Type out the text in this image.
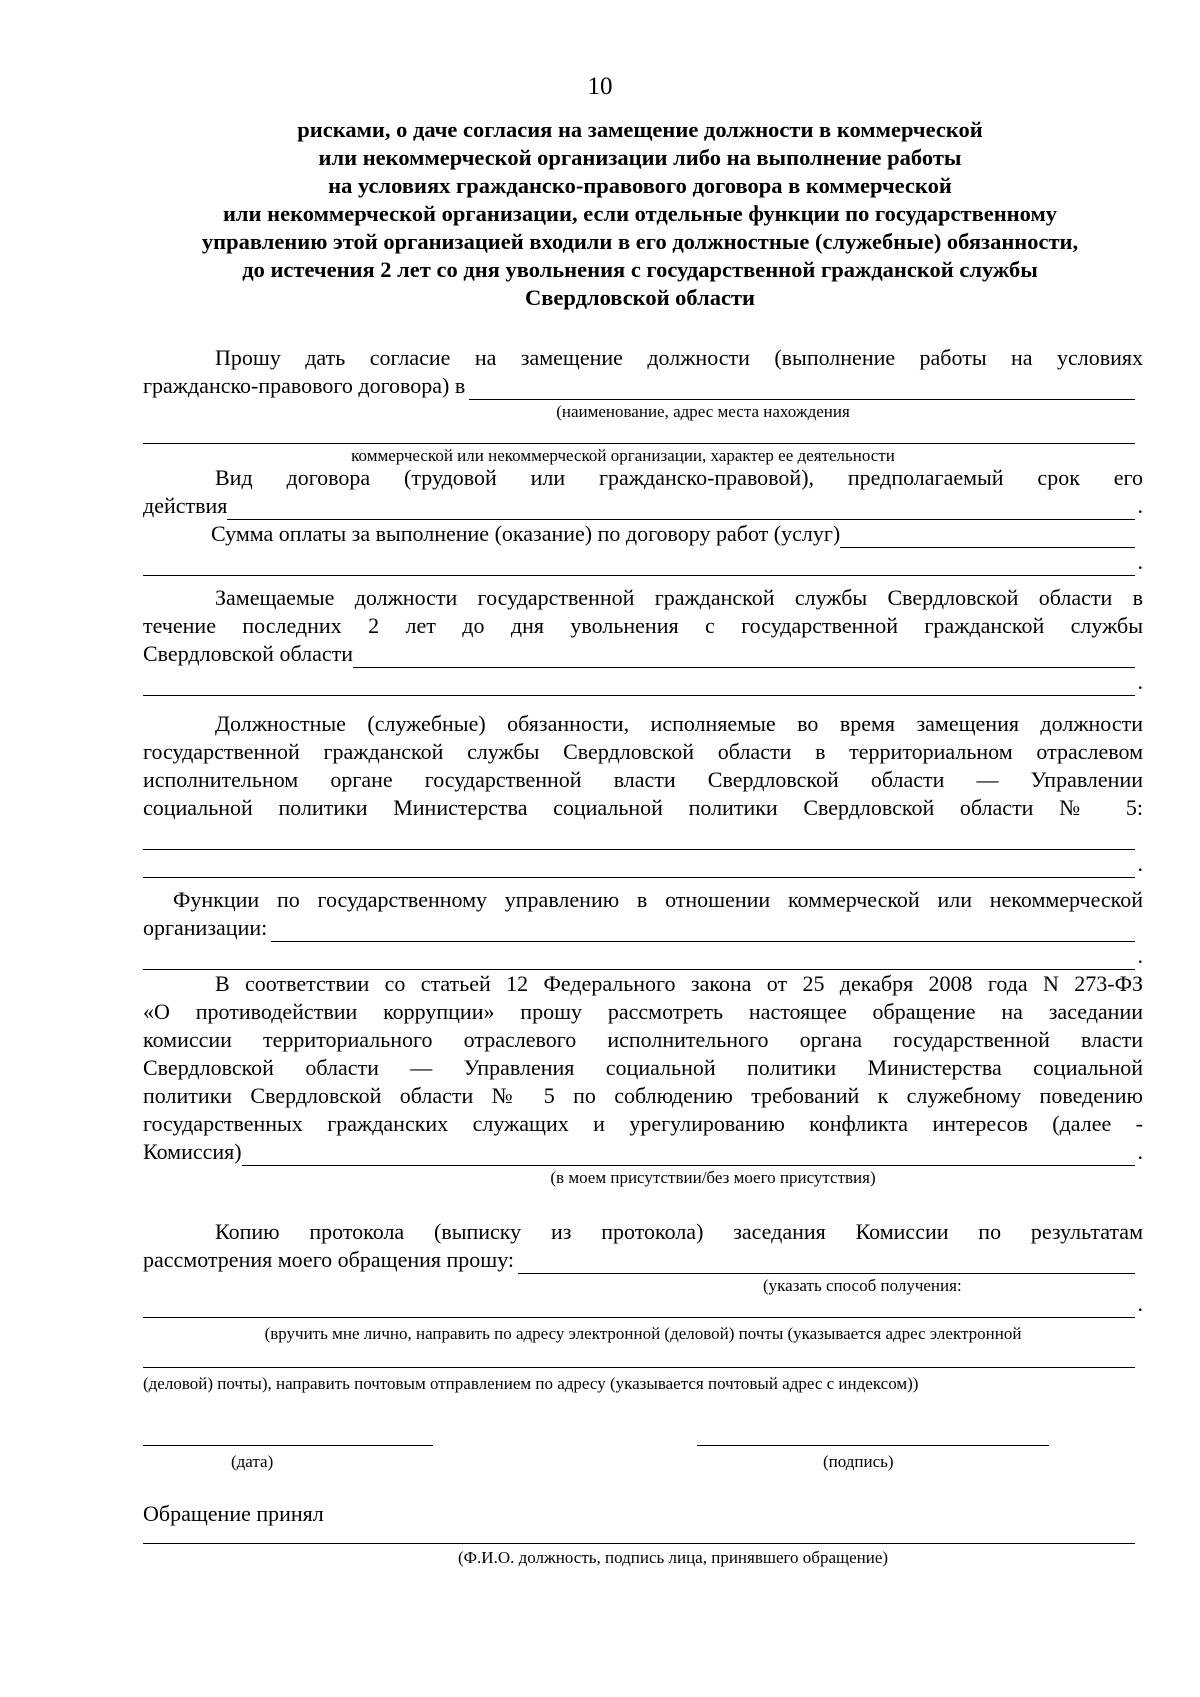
10
рисками, о даче согласия на замещение должности в коммерческой
или некоммерческой организации либо на выполнение работы
на условиях гражданско-правового договора в коммерческой
или некоммерческой организации, если отдельные функции по государственному
управлению этой организацией входили в его должностные (служебные) обязанности,
до истечения 2 лет со дня увольнения с государственной гражданской службы
Свердловской области
Прошу дать согласие на замещение должности (выполнение работы на условиях
гражданско-правового договора) в
(наименование, адрес места нахождения
коммерческой или некоммерческой организации, характер ее деятельности
Вид договора (трудовой или гражданско-правовой), предполагаемый срок его
действия	.
Сумма оплаты за выполнение (оказание) по договору работ (услуг)
.
Замещаемые должности государственной гражданской службы Свердловской области в
течение последних 2 лет до дня увольнения с государственной гражданской службы
Свердловской области
.
Должностные (служебные) обязанности, исполняемые во время замещения должности
государственной гражданской службы Свердловской области в территориальном отраслевом
исполнительном органе государственной власти Свердловской области — Управлении
социальной политики Министерства социальной политики Свердловской области № 5:
.
Функции по государственному управлению в отношении коммерческой или некоммерческой
организации:
.
В соответствии со статьей 12 Федерального закона от 25 декабря 2008 года N 273-ФЗ
«О противодействии коррупции» прошу рассмотреть настоящее обращение на заседании
комиссии территориального отраслевого исполнительного органа государственной власти
Свердловской области — Управления социальной политики Министерства социальной
политики Свердловской области № 5 по соблюдению требований к служебному поведению
государственных гражданских служащих и урегулированию конфликта интересов (далее -
Комиссия)	.
(в моем присутствии/без моего присутствия)
Копию протокола (выписку из протокола) заседания Комиссии по результатам
рассмотрения моего обращения прошу:
(указать способ получения:
.
(вручить мне лично, направить по адресу электронной (деловой) почты (указывается адрес электронной
(деловой) почты), направить почтовым отправлением по адресу (указывается почтовый адрес с индексом))
(дата)	(подпись)
Обращение принял
(Ф.И.О. должность, подпись лица, принявшего обращение)
